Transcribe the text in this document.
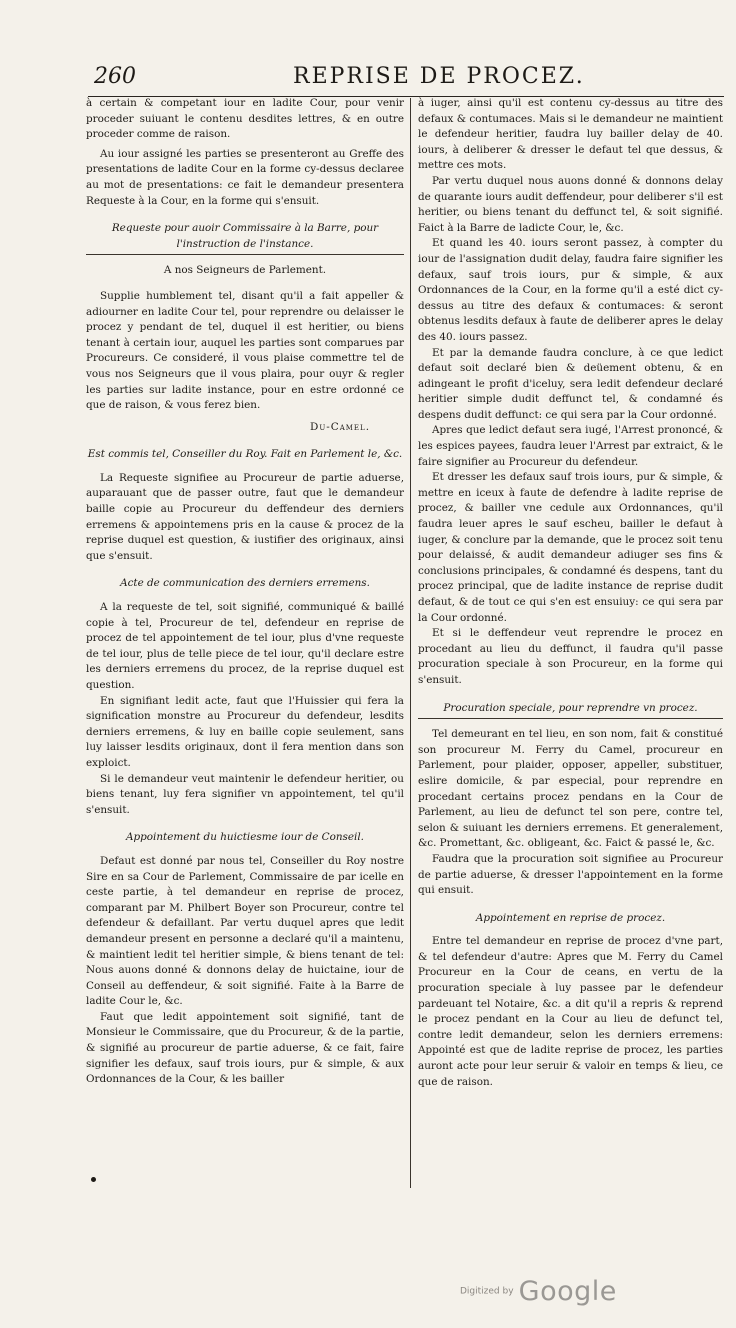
260	REPRISE DE PROCEZ.

à certain & competant iour en ladite Cour, pour venir proceder suiuant le contenu desdites lettres, & en outre proceder comme de raison.

Au iour assigné les parties se presenteront au Greffe des presentations de ladite Cour en la forme cy-dessus declaree au mot de presentations: ce fait le demandeur presentera Requeste à la Cour, en la forme qui s'ensuit.

Requeste pour auoir Commissaire à la Barre, pour l'instruction de l'instance.

A nos Seigneurs de Parlement.

Supplie humblement tel, disant qu'il a fait appeller & adiourner en ladite Cour tel, pour reprendre ou delaisser le procez y pendant de tel, duquel il est heritier, ou biens tenant à certain iour, auquel les parties sont comparues par Procureurs. Ce consideré, il vous plaise commettre tel de vous nos Seigneurs que il vous plaira, pour ouyr & regler les parties sur ladite instance, pour en estre ordonné ce que de raison, & vous ferez bien.

Du-Camel.

Est commis tel, Conseiller du Roy. Fait en Parlement le, &c.

La Requeste signifiee au Procureur de partie aduerse, auparauant que de passer outre, faut que le demandeur baille copie au Procureur du deffendeur des derniers erremens & appointemens pris en la cause & procez de la reprise duquel est question, & iustifier des originaux, ainsi que s'ensuit.

Acte de communication des derniers erremens.

A la requeste de tel, soit signifié, communiqué & baillé copie à tel, Procureur de tel, defendeur en reprise de procez de tel appointement de tel iour, plus d'vne requeste de tel iour, plus de telle piece de tel iour, qu'il declare estre les derniers erremens du procez, de la reprise duquel est question.

En signifiant ledit acte, faut que l'Huissier qui fera la signification monstre au Procureur du defendeur, lesdits derniers erremens, & luy en baille copie seulement, sans luy laisser lesdits originaux, dont il fera mention dans son exploict.

Si le demandeur veut maintenir le defendeur heritier, ou biens tenant, luy fera signifier vn appointement, tel qu'il s'ensuit.

Appointement du huictiesme iour de Conseil.

Defaut est donné par nous tel, Conseiller du Roy nostre Sire en sa Cour de Parlement, Commissaire de par icelle en ceste partie, à tel demandeur en reprise de procez, comparant par M. Philbert Boyer son Procureur, contre tel defendeur & defaillant. Par vertu duquel apres que ledit demandeur present en personne a declaré qu'il a maintenu, & maintient ledit tel heritier simple, & biens tenant de tel: Nous auons donné & donnons delay de huictaine, iour de Conseil au deffendeur, & soit signifié. Faite à la Barre de ladite Cour le, &c.

Faut que ledit appointement soit signifié, tant de Monsieur le Commissaire, que du Procureur, & de la partie, & signifié au procureur de partie aduerse, & ce fait, faire signifier les defaux, sauf trois iours, pur & simple, & aux Ordonnances de la Cour, & les bailler

à iuger, ainsi qu'il est contenu cy-dessus au titre des defaux & contumaces. Mais si le demandeur ne maintient le defendeur heritier, faudra luy bailler delay de 40. iours, à deliberer & dresser le defaut tel que dessus, & mettre ces mots.

Par vertu duquel nous auons donné & donnons delay de quarante iours audit deffendeur, pour deliberer s'il est heritier, ou biens tenant du deffunct tel, & soit signifié. Faict à la Barre de ladicte Cour, le, &c.

Et quand les 40. iours seront passez, à compter du iour de l'assignation dudit delay, faudra faire signifier les defaux, sauf trois iours, pur & simple, & aux Ordonnances de la Cour, en la forme qu'il a esté dict cy-dessus au titre des defaux & contumaces: & seront obtenus lesdits defaux à faute de deliberer apres le delay des 40. iours passez.

Et par la demande faudra conclure, à ce que ledict defaut soit declaré bien & deüement obtenu, & en adingeant le profit d'iceluy, sera ledit defendeur declaré heritier simple dudit deffunct tel, & condamné és despens dudit deffunct: ce qui sera par la Cour ordonné.

Apres que ledict defaut sera iugé, l'Arrest prononcé, & les espices payees, faudra leuer l'Arrest par extraict, & le faire signifier au Procureur du defendeur.

Et dresser les defaux sauf trois iours, pur & simple, & mettre en iceux à faute de defendre à ladite reprise de procez, & bailler vne cedule aux Ordonnances, qu'il faudra leuer apres le sauf escheu, bailler le defaut à iuger, & conclure par la demande, que le procez soit tenu pour delaissé, & audit demandeur adiuger ses fins & conclusions principales, & condamné és despens, tant du procez principal, que de ladite instance de reprise dudit defaut, & de tout ce qui s'en est ensuiuy: ce qui sera par la Cour ordonné.

Et si le deffendeur veut reprendre le procez en procedant au lieu du deffunct, il faudra qu'il passe procuration speciale à son Procureur, en la forme qui s'ensuit.

Procuration speciale, pour reprendre vn procez.

Tel demeurant en tel lieu, en son nom, fait & constitué son procureur M. Ferry du Camel, procureur en Parlement, pour plaider, opposer, appeller, substituer, eslire domicile, & par especial, pour reprendre en procedant certains procez pendans en la Cour de Parlement, au lieu de defunct tel son pere, contre tel, selon & suiuant les derniers erremens. Et generalement, &c. Promettant, &c. obligeant, &c. Faict & passé le, &c.

Faudra que la procuration soit signifiee au Procureur de partie aduerse, & dresser l'appointement en la forme qui ensuit.

Appointement en reprise de procez.

Entre tel demandeur en reprise de procez d'vne part, & tel defendeur d'autre: Apres que M. Ferry du Camel Procureur en la Cour de ceans, en vertu de la procuration speciale à luy passee par le defendeur pardeuant tel Notaire, &c. a dit qu'il a repris & reprend le procez pendant en la Cour au lieu de defunct tel, contre ledit demandeur, selon les derniers erremens: Appointé est que de ladite reprise de procez, les parties auront acte pour leur seruir & valoir en temps & lieu, ce que de raison.

Digitized by Google
